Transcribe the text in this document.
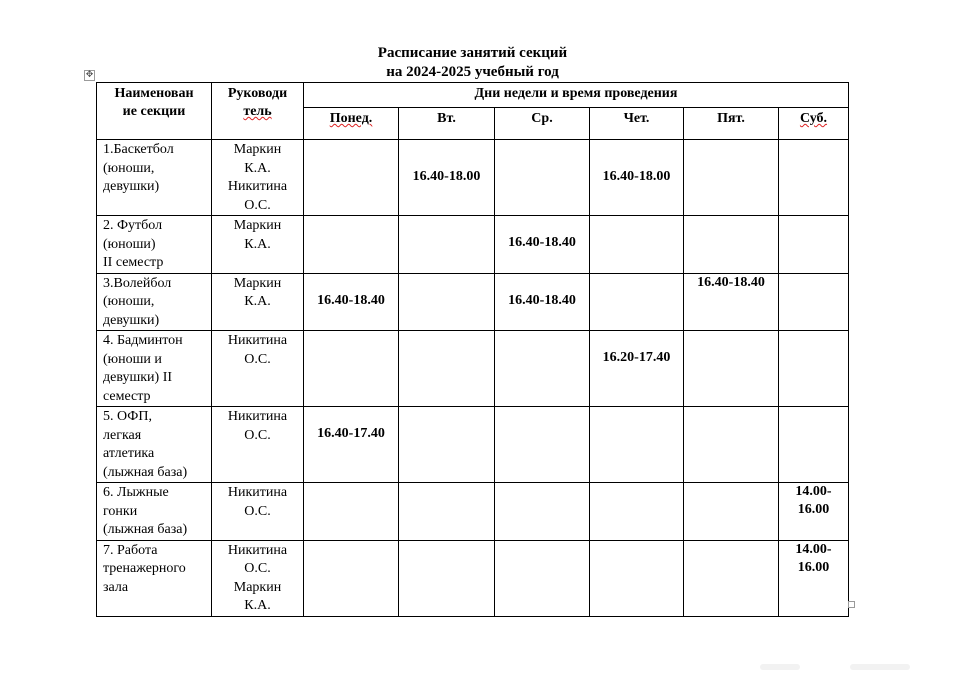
Расписание занятий секций
на 2024-2025 учебный год
✥
Наименован
ие секции	Руководи
тель	Дни недели и время проведения					
		Понед.	Вт.	Ср.	Чет.	Пят.	Суб.
1.Баскетбол
(юноши,
девушки)	Маркин
К.А.
Никитина
О.С.		16.40-18.00		16.40-18.00		
2. Футбол
(юноши)
II семестр	Маркин
К.А.			16.40-18.40			
3.Волейбол
(юноши,
девушки)	Маркин
К.А.	16.40-18.40		16.40-18.40		16.40-18.40	
4. Бадминтон
(юноши и
девушки) II
семестр	Никитина
О.С.				16.20-17.40		
5. ОФП,
легкая
атлетика
(лыжная база)	Никитина
О.С.	16.40-17.40					
6. Лыжные
гонки
(лыжная база)	Никитина
О.С.						14.00-
16.00
7. Работа
тренажерного
зала	Никитина
О.С.
Маркин
К.А.						14.00-
16.00
